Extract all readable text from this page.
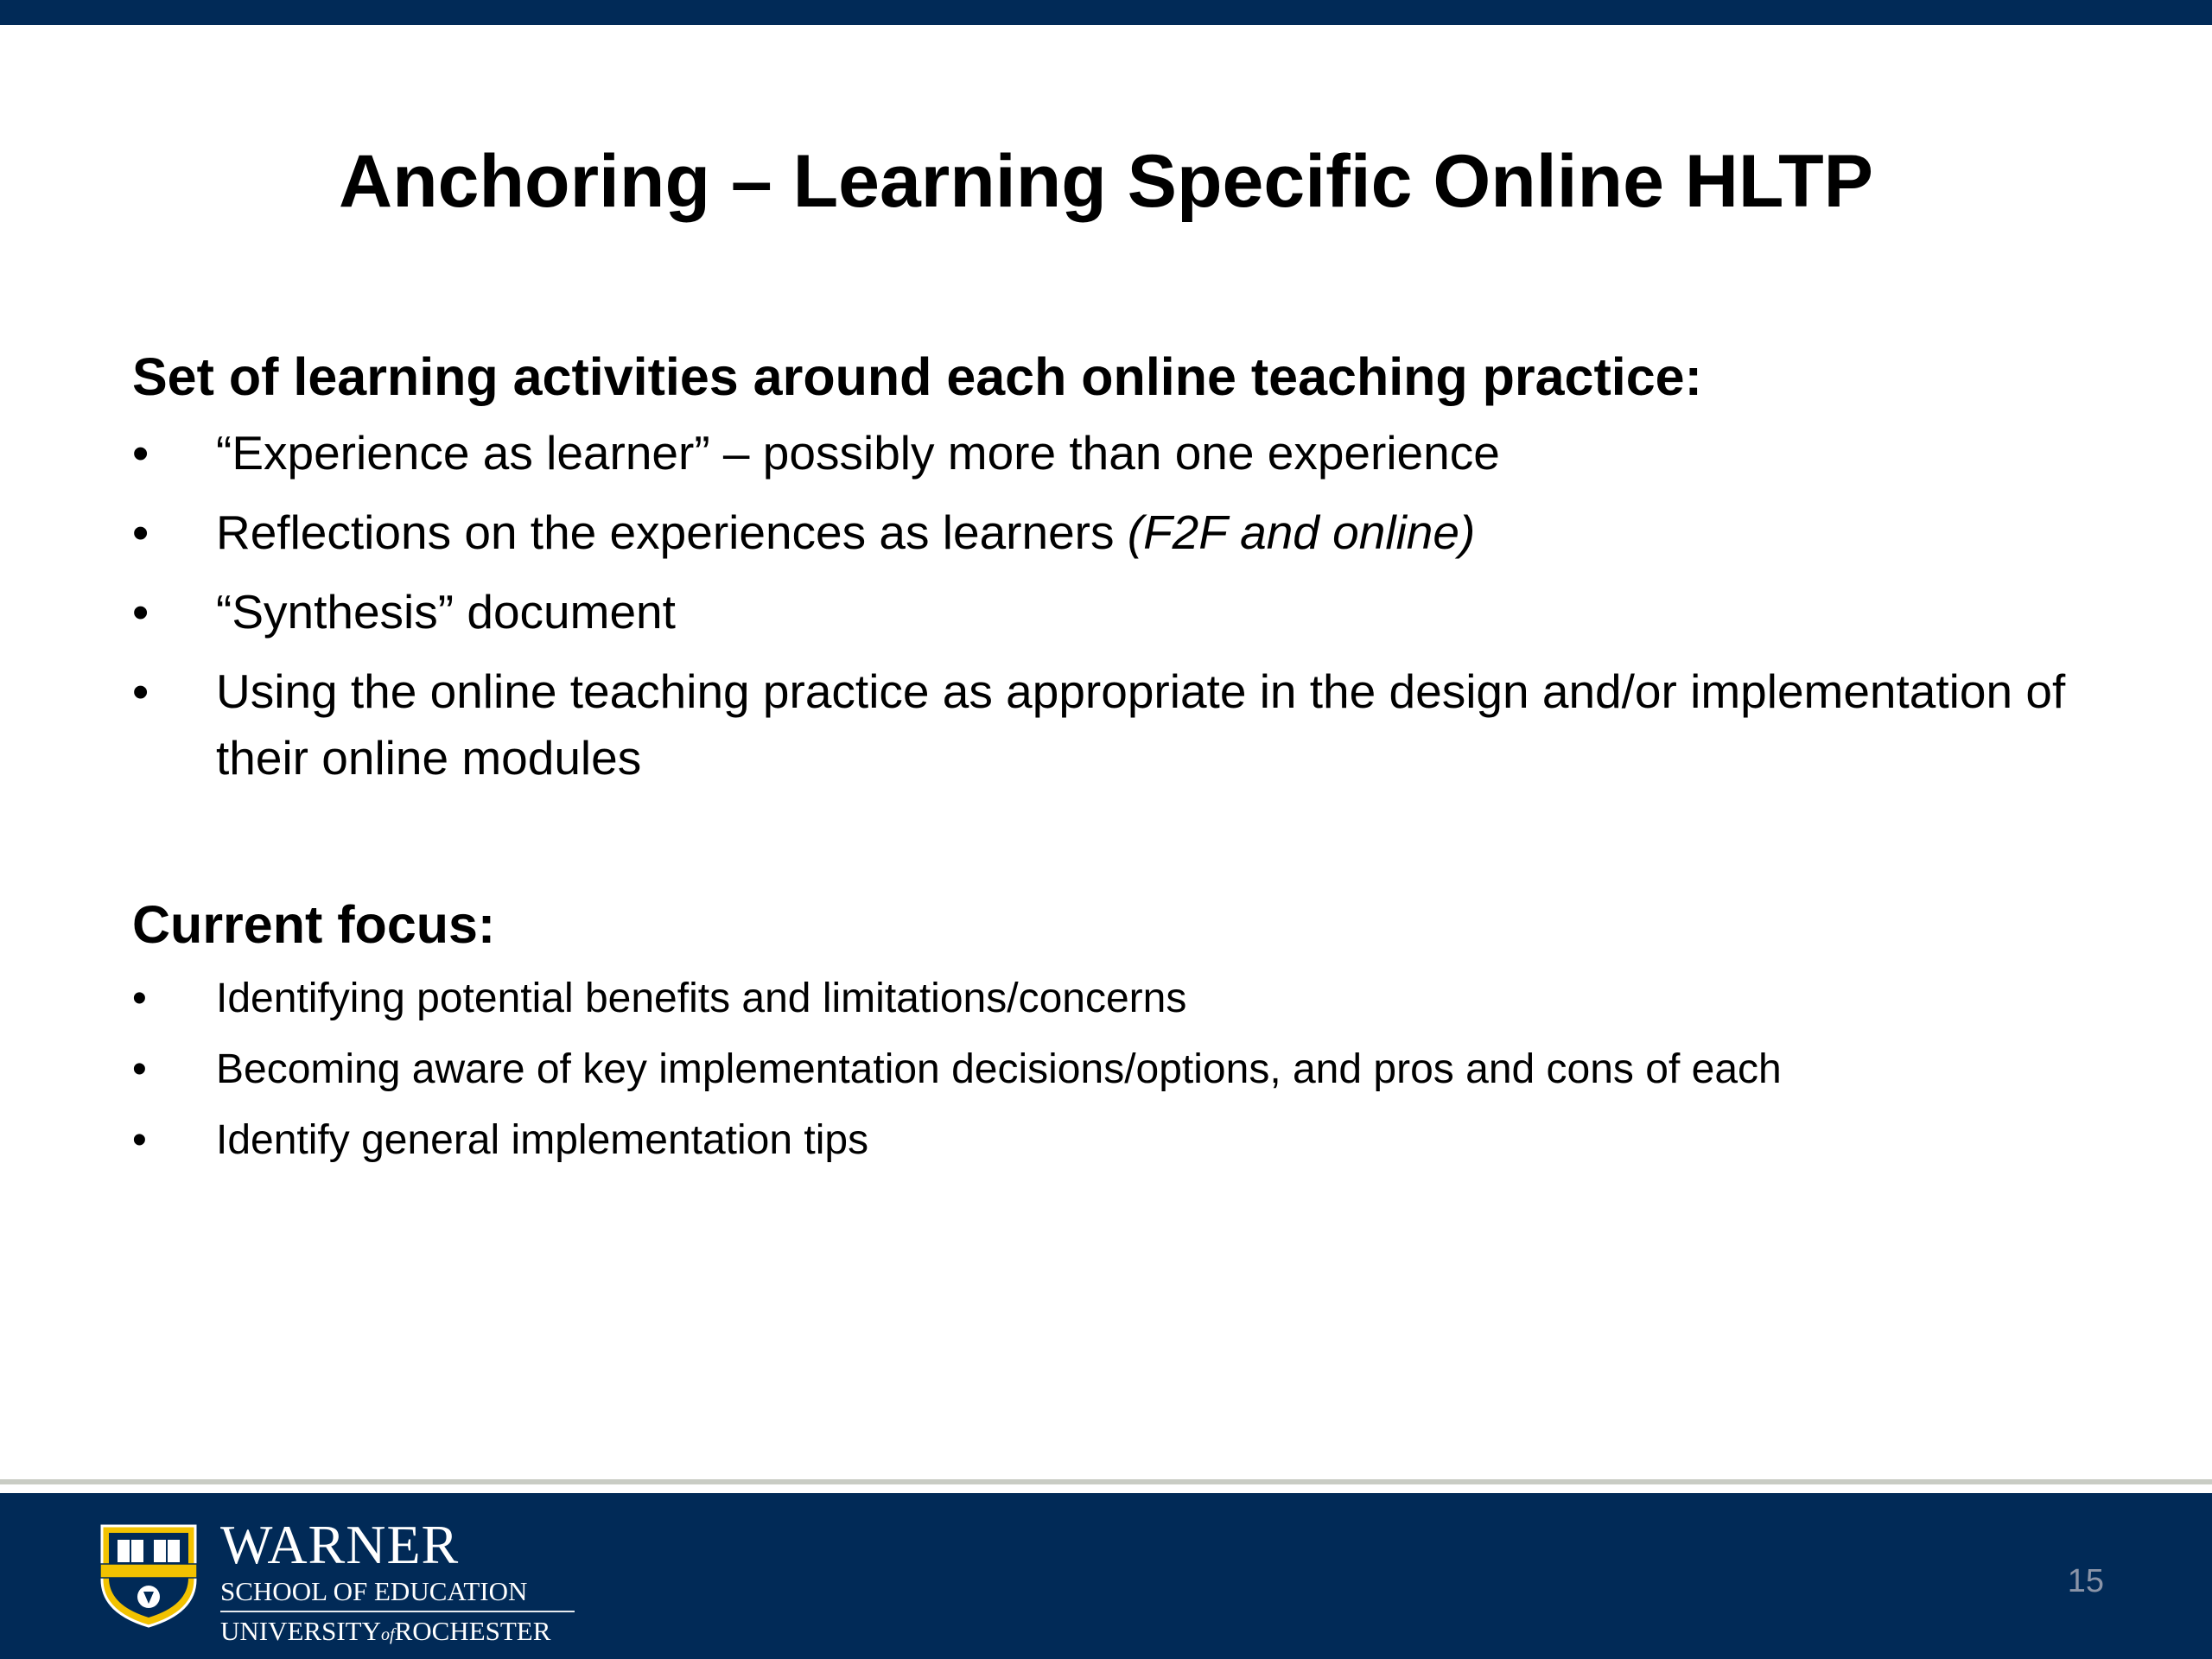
Anchoring – Learning Specific Online HLTP

Set of learning activities around each online teaching practice:

•	“Experience as learner” – possibly more than one experience
•	Reflections on the experiences as learners (F2F and online)
•	“Synthesis” document
•	Using the online teaching practice as appropriate in the design and/or implementation of their online modules

Current focus:

•	Identifying potential benefits and limitations/concerns
•	Becoming aware of key implementation decisions/options, and pros and cons of each
•	Identify general implementation tips
WARNER
SCHOOL OF EDUCATION
UNIVERSITYofROCHESTER
15
